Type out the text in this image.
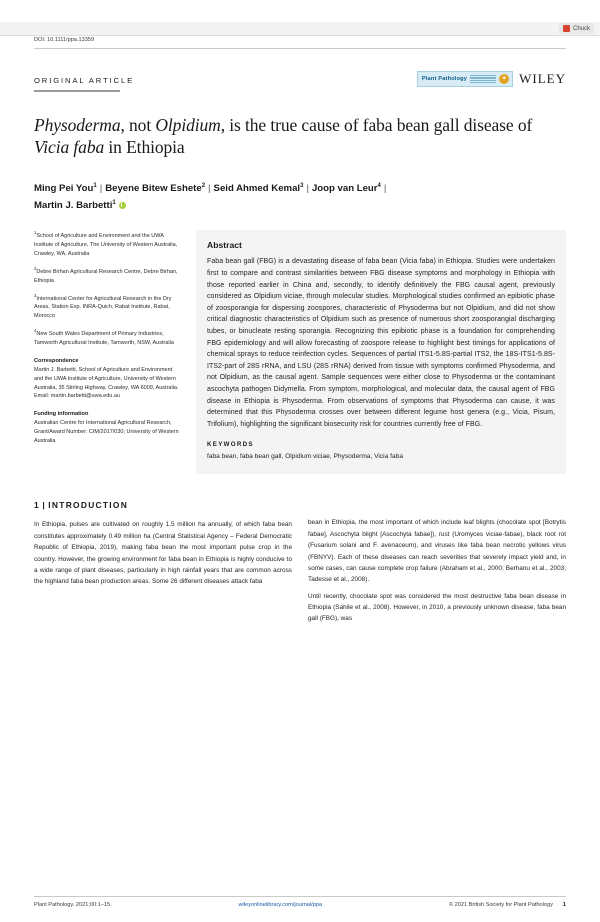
Chuck
DOI: 10.1111/ppa.13359
ORIGINAL ARTICLE	Plant Pathology	✦ WILEY
Physoderma, not Olpidium, is the true cause of faba bean gall disease of Vicia faba in Ethiopia
Ming Pei You$^1$ | Beyene Bitew Eshete$^2$ | Seid Ahmed Kemal$^3$ | Joop van Leur$^4$ |
Martin J. Barbetti$^1$
$^1$School of Agriculture and Environment and the UWA Institute of Agriculture, The University of Western Australia, Crawley, WA, Australia
$^2$Debre Birhan Agricultural Research Centre, Debre Birhan, Ethiopia
$^3$International Center for Agricultural Research in the Dry Areas, Station Exp. INRA-Quich, Rabat Institute, Rabat, Morocco
$^4$New South Wales Department of Primary Industries, Tamworth Agricultural Institute, Tamworth, NSW, Australia
Correspondence
Martin J. Barbetti, School of Agriculture and Environment and the UWA Institute of Agriculture, University of Western Australia, 35 Stirling Highway, Crawley, WA 6009, Australia.
Email: martin.barbetti@uwa.edu.au
Funding information
Australian Centre for International Agricultural Research, Grant/Award Number: CIM/2017/030; University of Western Australia
Abstract
Faba bean gall (FBG) is a devastating disease of faba bean (Vicia faba) in Ethiopia. Studies were undertaken first to compare and contrast similarities between FBG disease symptoms and morphology in Ethiopia with those reported earlier in China and, secondly, to identify definitively the FBG causal agent, previously considered as Olpidium viciae, through molecular studies. Morphological studies confirmed an epibiotic phase of zoosporangia for dispersing zoospores, characteristic of Physoderma but not Olpidium, and did not show critical diagnostic characteristics of Olpidium such as presence of numerous short zoosporangial discharging tubes, or binucleate resting sporangia. Recognizing this epibiotic phase is a foundation for comprehending FBG epidemiology and will allow forecasting of zoospore release to highlight best timings for applications of chemical sprays to reduce reinfection cycles. Sequences of partial ITS1-5.8S-partial ITS2, the 18S-ITS1-5.8S-ITS2-part of 28S rRNA, and LSU (28S rRNA) derived from tissue with symptoms confirmed Physoderma, and not Olpidium, as the causal agent. Sample sequences were either close to Physoderma or the contaminant ascochyta pathogen Didymella. From symptom, morphological, and molecular data, the causal agent of FBG disease in Ethiopia is Physoderma. From observations of symptoms that Physoderma can cause, it was determined that this Physoderma crosses over between different legume host genera (e.g., Vicia, Pisum, Trifolium), highlighting the significant biosecurity risk for countries currently free of FBG.
KEYWORDS
faba bean, faba bean gall, Olpidium viciae, Physoderma, Vicia faba
1 | INTRODUCTION

In Ethiopia, pulses are cultivated on roughly 1.5 million ha annually, of which faba bean constitutes approximately 0.49 million ha (Central Statistical Agency – Federal Democratic Republic of Ethiopia, 2019), making faba bean the most important pulse crop in the country. However, the growing environment for faba bean in Ethiopia is highly conducive to a wide range of plant diseases, particularly in high rainfall years that are common across the highland faba bean production areas. Some 26 different diseases attack faba

bean in Ethiopia, the most important of which include leaf blights (chocolate spot [Botrytis fabae], Ascochyta blight [Ascochyta fabae]), rust (Uromyces viciae-fabae), black root rot (Fusarium solani and F. avenaceum), and viruses like faba bean necrotic yellows virus (FBNYV). Each of these diseases can reach severities that severely impact yield and, in some cases, can cause complete crop failure (Abraham et al., 2000; Berhanu et al., 2003; Tadesse et al., 2008).

Until recently, chocolate spot was considered the most destructive faba bean disease in Ethiopia (Sahile et al., 2008). However, in 2010, a previously unknown disease, faba bean gall (FBG), was

Plant Pathology. 2021;00:1–15.	wileyonlinelibrary.com/journal/ppa	© 2021 British Society for Plant Pathology 1
